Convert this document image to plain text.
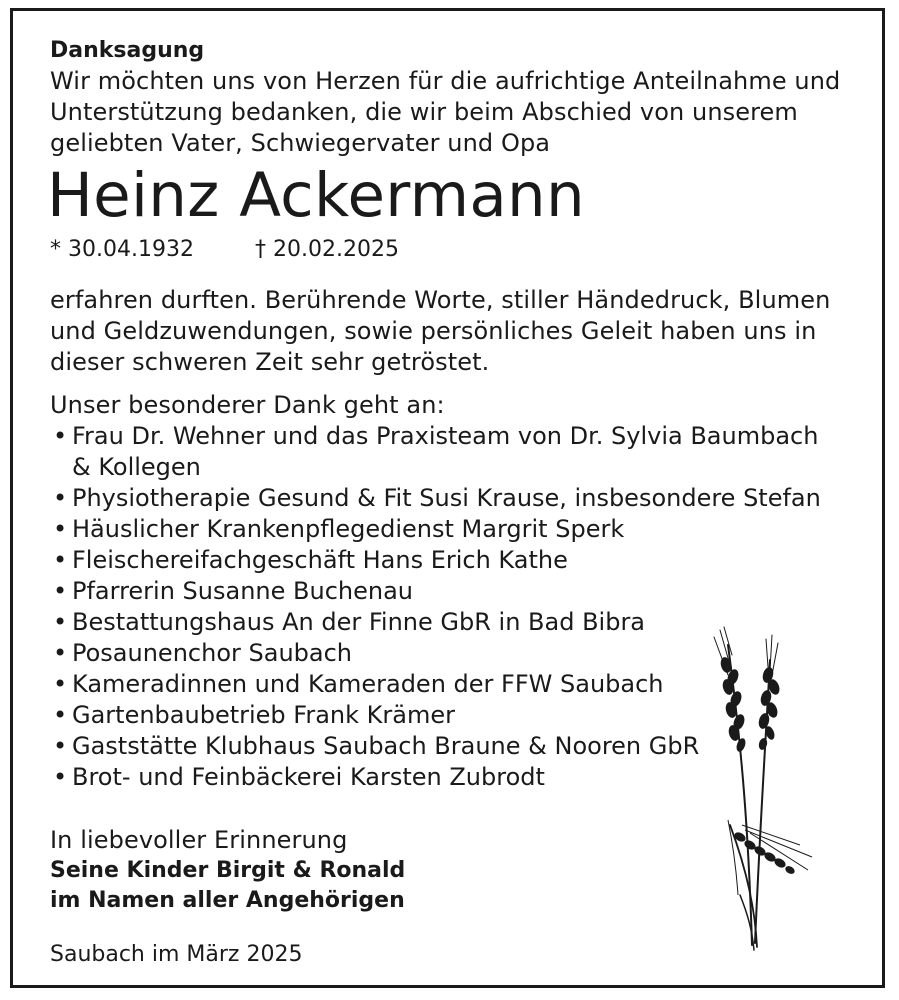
Danksagung

Wir möchten uns von Herzen für die aufrichtige Anteilnahme und

Unterstützung bedanken, die wir beim Abschied von unserem

geliebten Vater, Schwiegervater und Opa

Heinz Ackermann
* 30.04.1932	† 20.02.2025

erfahren durften. Berührende Worte, stiller Händedruck, Blumen

und Geldzuwendungen, sowie persönliches Geleit haben uns in

dieser schweren Zeit sehr getröstet.

Unser besonderer Dank geht an:

• Frau Dr. Wehner und das Praxisteam von Dr. Sylvia Baumbach
& Kollegen
• Physiotherapie Gesund & Fit Susi Krause, insbesondere Stefan
• Häuslicher Krankenpflegedienst Margrit Sperk
• Fleischereifachgeschäft Hans Erich Kathe
• Pfarrerin Susanne Buchenau
• Bestattungshaus An der Finne GbR in Bad Bibra
• Posaunenchor Saubach
• Kameradinnen und Kameraden der FFW Saubach
• Gartenbaubetrieb Frank Krämer
• Gaststätte Klubhaus Saubach Braune & Nooren GbR
• Brot- und Feinbäckerei Karsten Zubrodt

In liebevoller Erinnerung

Seine Kinder Birgit & Ronald

im Namen aller Angehörigen

Saubach im März 2025
